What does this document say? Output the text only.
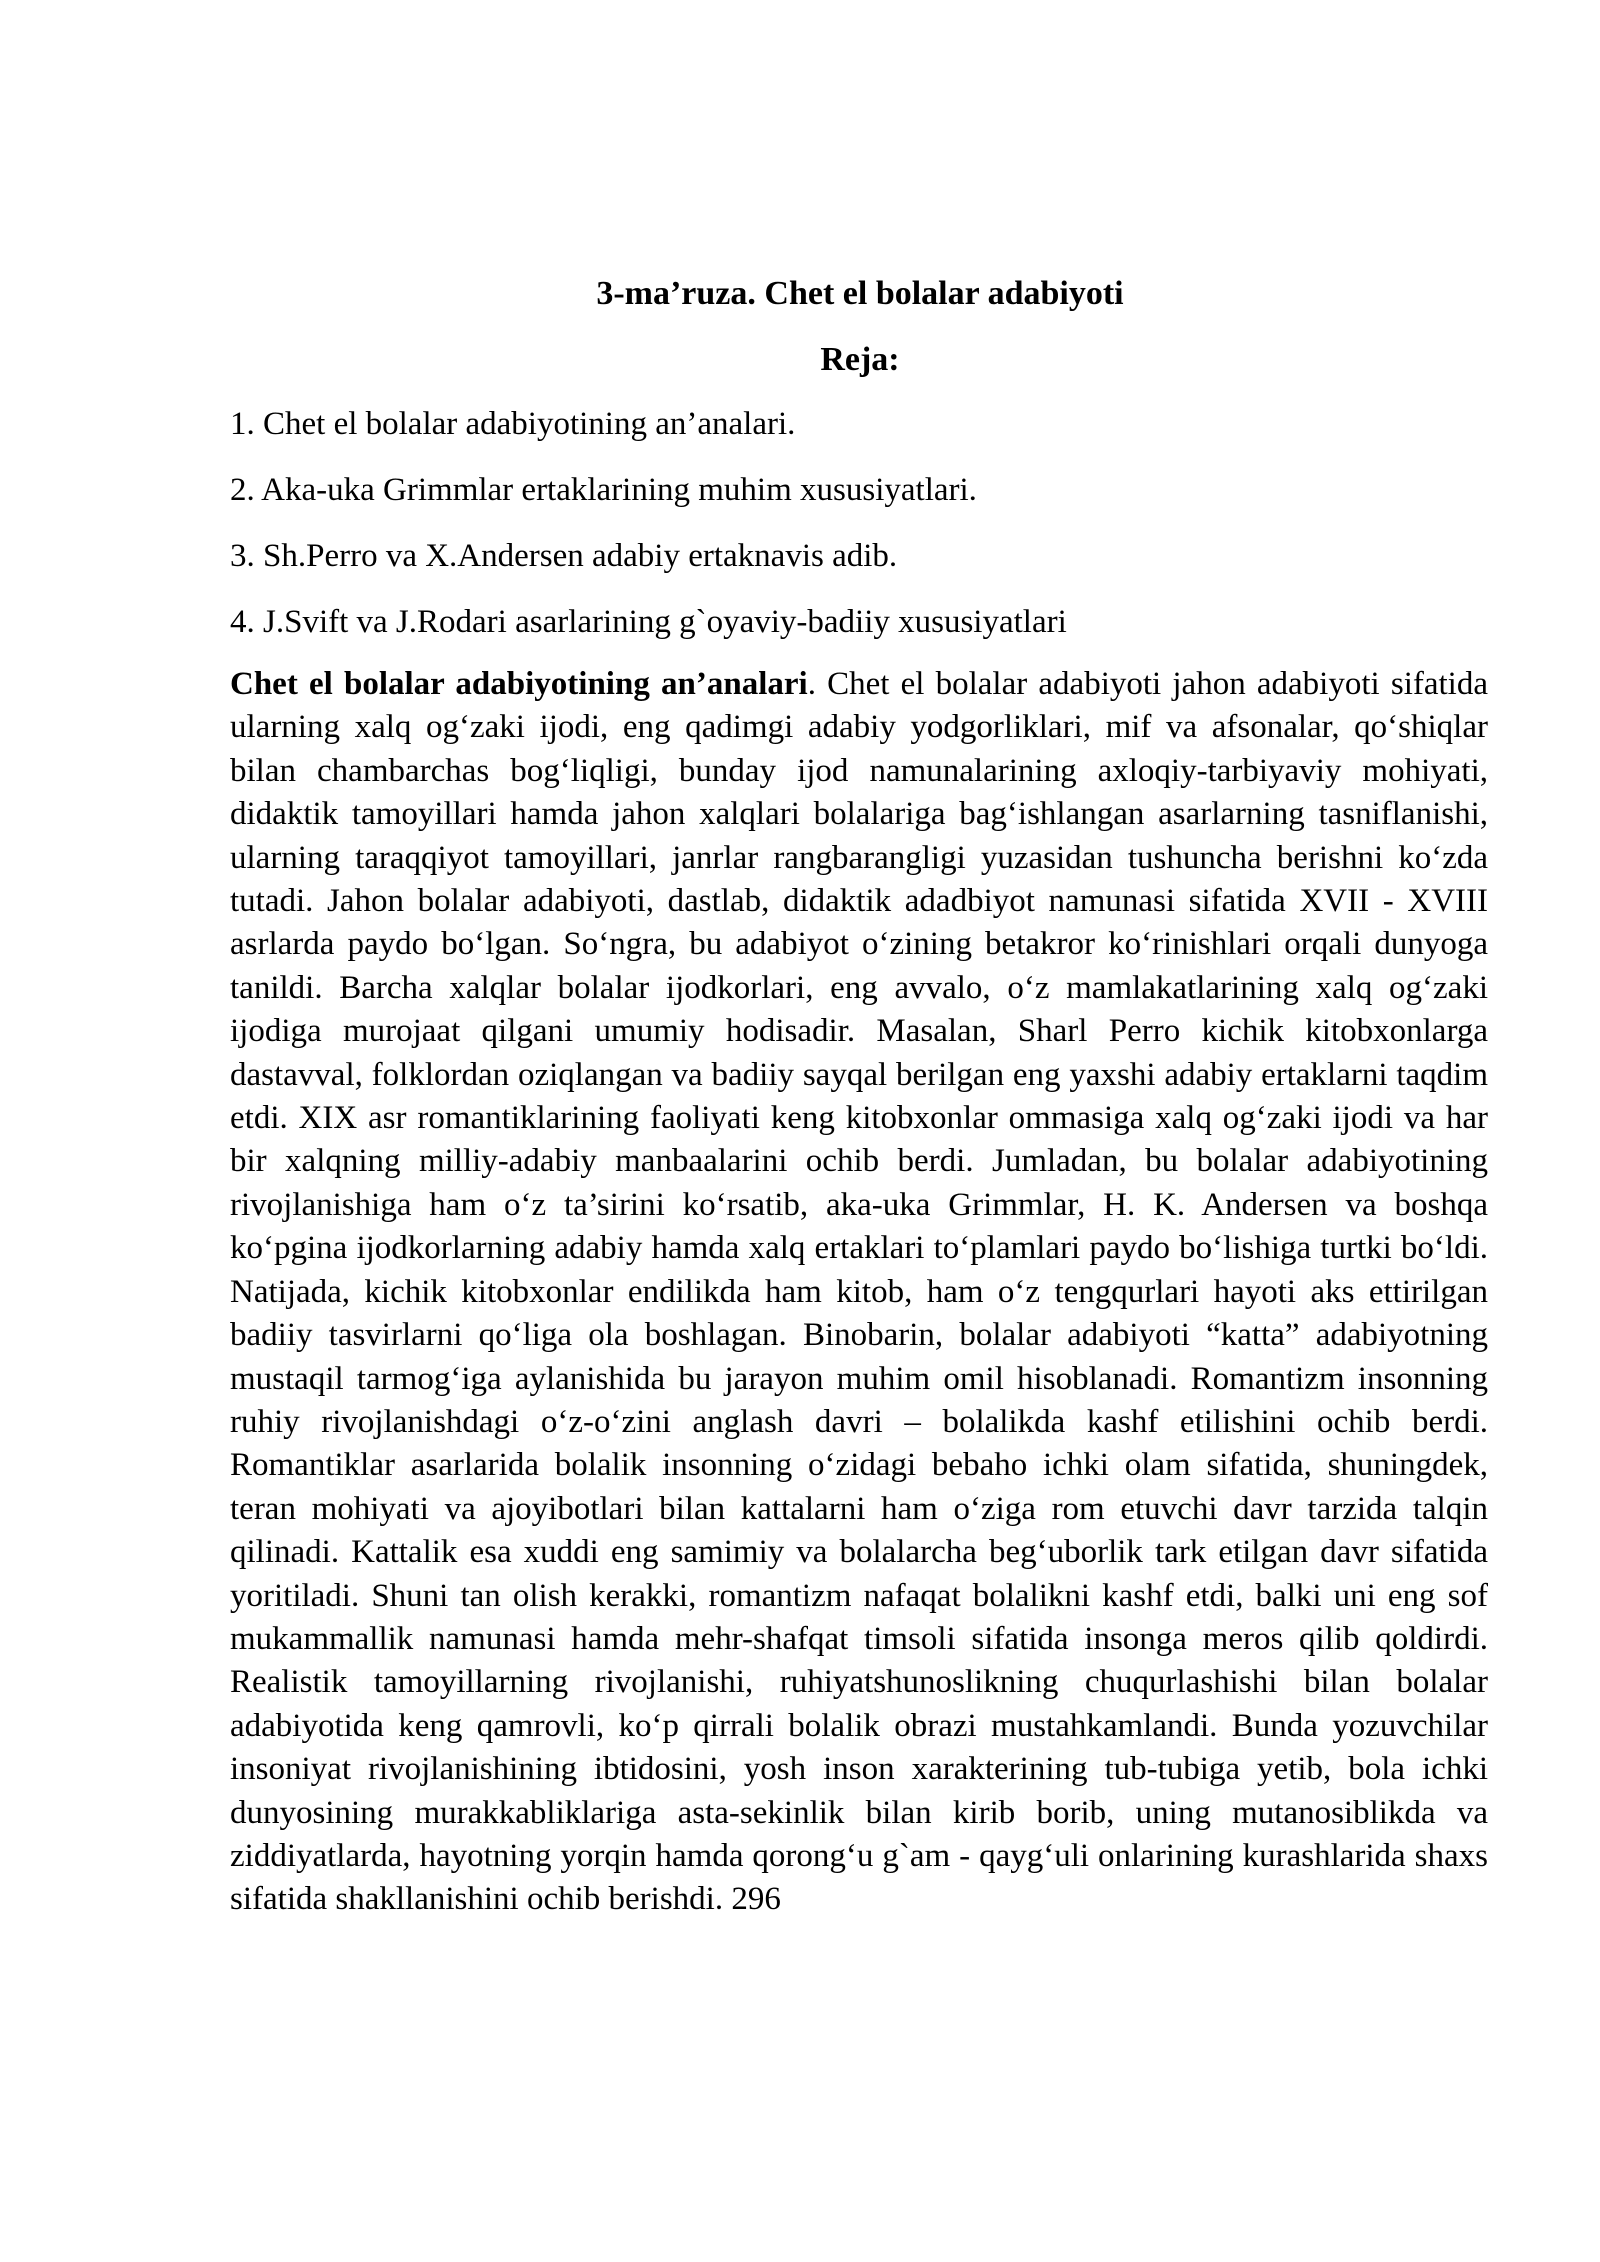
3-ma’ruza. Chet el bolalar adabiyoti
Reja:
1. Chet el bolalar adabiyotining an’analari.
2. Aka-uka Grimmlar ertaklarining muhim xususiyatlari.
3. Sh.Perro va X.Andersen adabiy ertaknavis adib.
4. J.Svift va J.Rodari asarlarining g`oyaviy-badiiy xususiyatlari

Chet el bolalar adabiyotining an’analari. Chet el bolalar adabiyoti jahon adabiyoti sifatida ularning xalq og‘zaki ijodi, eng qadimgi adabiy yodgorliklari, mif va afsonalar, qo‘shiqlar bilan chambarchas bog‘liqligi, bunday ijod namunalarining axloqiy-tarbiyaviy mohiyati, didaktik tamoyillari hamda jahon xalqlari bolalariga bag‘ishlangan asarlarning tasniflanishi, ularning taraqqiyot tamoyillari, janrlar rangbarangligi yuzasidan tushuncha berishni ko‘zda tutadi. Jahon bolalar adabiyoti, dastlab, didaktik adadbiyot namunasi sifatida XVII - XVIII asrlarda paydo bo‘lgan. So‘ngra, bu adabiyot o‘zining betakror ko‘rinishlari orqali dunyoga tanildi. Barcha xalqlar bolalar ijodkorlari, eng avvalo, o‘z mamlakatlarining xalq og‘zaki ijodiga murojaat qilgani umumiy hodisadir. Masalan, Sharl Perro kichik kitobxonlarga dastavval, folklordan oziqlangan va badiiy sayqal berilgan eng yaxshi adabiy ertaklarni taqdim etdi. XIX asr romantiklarining faoliyati keng kitobxonlar ommasiga xalq og‘zaki ijodi va har bir xalqning milliy-adabiy manbaalarini ochib berdi. Jumladan, bu bolalar adabiyotining rivojlanishiga ham o‘z ta’sirini ko‘rsatib, aka-uka Grimmlar, H. K. Andersen va boshqa ko‘pgina ijodkorlarning adabiy hamda xalq ertaklari to‘plamlari paydo bo‘lishiga turtki bo‘ldi. Natijada, kichik kitobxonlar endilikda ham kitob, ham o‘z tengqurlari hayoti aks ettirilgan badiiy tasvirlarni qo‘liga ola boshlagan. Binobarin, bolalar adabiyoti “katta” adabiyotning mustaqil tarmog‘iga aylanishida bu jarayon muhim omil hisoblanadi. Romantizm insonning ruhiy rivojlanishdagi o‘z-o‘zini anglash davri – bolalikda kashf etilishini ochib berdi. Romantiklar asarlarida bolalik insonning o‘zidagi bebaho ichki olam sifatida, shuningdek, teran mohiyati va ajoyibotlari bilan kattalarni ham o‘ziga rom etuvchi davr tarzida talqin qilinadi. Kattalik esa xuddi eng samimiy va bolalarcha beg‘uborlik tark etilgan davr sifatida yoritiladi. Shuni tan olish kerakki, romantizm nafaqat bolalikni kashf etdi, balki uni eng sof mukammallik namunasi hamda mehr-shafqat timsoli sifatida insonga meros qilib qoldirdi. Realistik tamoyillarning rivojlanishi, ruhiyatshunoslikning chuqurlashishi bilan bolalar adabiyotida keng qamrovli, ko‘p qirrali bolalik obrazi mustahkamlandi. Bunda yozuvchilar insoniyat rivojlanishining ibtidosini, yosh inson xarakterining tub-tubiga yetib, bola ichki dunyosining murakkabliklariga asta-sekinlik bilan kirib borib, uning mutanosiblikda va ziddiyatlarda, hayotning yorqin hamda qorong‘u g`am - qayg‘uli onlarining kurashlarida shaxs sifatida shakllanishini ochib berishdi. 296
